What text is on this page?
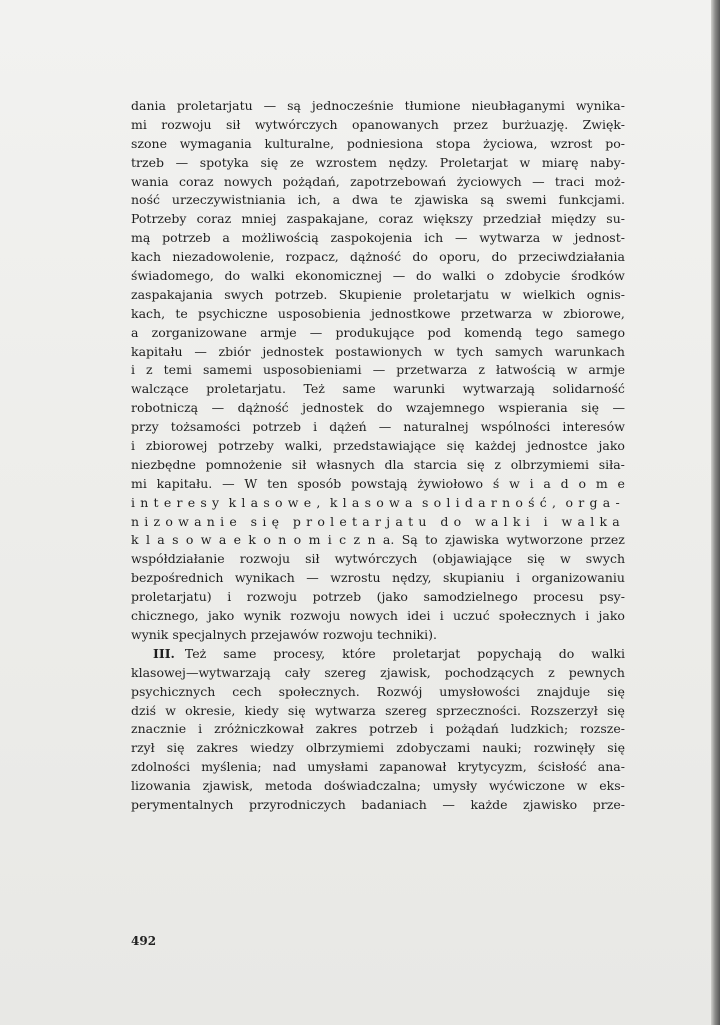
dania proletarjatu — są jednocześnie tłumione nieubłaganymi wynika-
mi rozwoju sił wytwórczych opanowanych przez burżuazję. Zwięk-
szone wymagania kulturalne, podniesiona stopa życiowa, wzrost po-
trzeb — spotyka się ze wzrostem nędzy. Proletarjat w miarę naby-
wania coraz nowych pożądań, zapotrzebowań życiowych — traci moż-
ność urzeczywistniania ich, a dwa te zjawiska są swemi funkcjami.
Potrzeby coraz mniej zaspakajane, coraz większy przedział między su-
mą potrzeb a możliwością zaspokojenia ich — wytwarza w jednost-
kach niezadowolenie, rozpacz, dążność do oporu, do przeciwdziałania
świadomego, do walki ekonomicznej — do walki o zdobycie środków
zaspakajania swych potrzeb. Skupienie proletarjatu w wielkich ognis-
kach, te psychiczne usposobienia jednostkowe przetwarza w zbiorowe,
a zorganizowane armje — produkujące pod komendą tego samego
kapitału — zbiór jednostek postawionych w tych samych warunkach
i z temi samemi usposobieniami — przetwarza z łatwością w armje
walczące proletarjatu. Też same warunki wytwarzają solidarność
robotniczą — dążność jednostek do wzajemnego wspierania się —
przy tożsamości potrzeb i dążeń — naturalnej wspólności interesów
i zbiorowej potrzeby walki, przedstawiające się każdej jednostce jako
niezbędne pomnożenie sił własnych dla starcia się z olbrzymiemi siła-
mi kapitału. — W ten sposób powstają żywiołowo ś w i a d o m e
interesy klasowe, klasowa solidarność, orga-
nizowanie się proletarjatu do walki i walka
k l a s o w a e k o n o m i c z n a. Są to zjawiska wytworzone przez
współdziałanie rozwoju sił wytwórczych (objawiające się w swych
bezpośrednich wynikach — wzrostu nędzy, skupianiu i organizowaniu
proletarjatu) i rozwoju potrzeb (jako samodzielnego procesu psy-
chicznego, jako wynik rozwoju nowych idei i uczuć społecznych i jako
wynik specjalnych przejawów rozwoju techniki).
III. Też same procesy, które proletarjat popychają do walki
klasowej—wytwarzają cały szereg zjawisk, pochodzących z pewnych
psychicznych cech społecznych. Rozwój umysłowości znajduje się
dziś w okresie, kiedy się wytwarza szereg sprzeczności. Rozszerzył się
znacznie i zróżniczkował zakres potrzeb i pożądań ludzkich; rozsze-
rzył się zakres wiedzy olbrzymiemi zdobyczami nauki; rozwinęły się
zdolności myślenia; nad umysłami zapanował krytycyzm, ścisłość ana-
lizowania zjawisk, metoda doświadczalna; umysły wyćwiczone w eks-
perymentalnych przyrodniczych badaniach — każde zjawisko prze-
492
